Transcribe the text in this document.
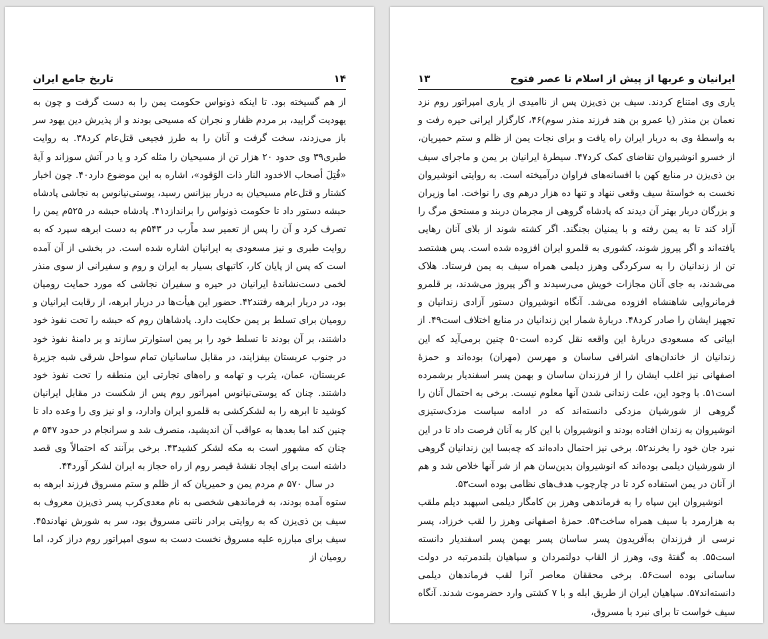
۱۴
تاریخ جامع ایران

از هم گسیخته بود. تا اینکه ذونواس حکومت یمن را به دست گرفت و چون به یهودیت گرایید، بر مردم ظفار و نجران که مسیحی بودند و از پذیرش دین یهود سر باز می‌زدند، سخت گرفت و آنان را به طرز فجیعی قتل‌عام کرد۳۸. به روایت طبری۳۹ وی حدود ۲۰ هزار تن از مسیحیان را مثله کرد و یا در آتش سوزاند و آیهٔ «قُتِلَ أصحاب الاخدود النار ذات الوَقود»، اشاره به این موضوع دارد۴۰. چون اخبار کشتار و قتل‌عام مسیحیان به دربار بیزانس رسید، یوستی‌نیانوس به نجاشی پادشاه حبشه دستور داد تا حکومت ذونواس را براندازد۴۱. پادشاه حبشه در ۵۲۵م یمن را تصرف کرد و آن را پس از تعمیر سد ماًرب در ۵۴۳م به دست ابرهه سپرد که به روایت طبری و نیز مسعودی به ایرانیان اشاره شده است. در بخشی از آن آمده است که پس از پایان کار، کاتبهای بسیار به ایران و روم و سفیرانی از سوی منذر لخمی دست‌نشاندهٔ ایرانیان در حیره و سفیران نجاشی که مورد حمایت رومیان بود، در دربار ابرهه رفتند۴۲. حضور این هیأت‌ها در دربار ابرهه، از رقابت ایرانیان و رومیان برای تسلط بر یمن حکایت دارد. پادشاهان روم که حبشه را تحت نفوذ خود داشتند، بر آن بودند تا تسلط خود را بر یمن استوارتر سازند و بر دامنهٔ نفوذ خود در جنوب عربستان بیفزایند، در مقابل ساسانیان تمام سواحل شرقی شبه جزیرهٔ عربستان، عمان، یثرب و تهامه و راه‌های تجارتی این منطقه را تحت نفوذ خود داشتند. چنان که یوستی‌نیانوس امپراتور روم پس از شکست در مقابل ایرانیان کوشید تا ابرهه را به لشکرکشی به قلمرو ایران وادارد، و او نیز وی را وعده داد تا چنین کند اما بعدها به عواقب آن اندیشید، منصرف شد و سرانجام در حدود ۵۴۷ م چنان که مشهور است به مکه لشکر کشید۴۳. برخی برآنند که احتمالاً وی قصد داشته است برای ایجاد نقشهٔ قیصر روم از راه حجاز به ایران لشکر آورد۴۴.

در سال ۵۷۰ م مردم یمن و حمیریان که از ظلم و ستم مسروق فرزند ابرهه به ستوه آمده بودند، به فرماندهی شخصی به نام معدی‌کرب پسر ذی‌یزن معروف به سیف بن ذی‌یزن که به روایتی برادر ناتنی مسروق بود، سر به شورش نهادند۴۵. سیف برای مبارزه علیه مسروق نخست دست به سوی امپراتور روم دراز کرد، اما رومیان از

ایرانیان و عربها از پیش از اسلام تا عصر فتوح
۱۳

یاری وی امتناع کردند. سیف بن ذی‌یزن پس از ناامیدی از یاری امپراتور روم نزد نعمان بن منذر (یا عمرو بن هند فرزند منذر سوم)۴۶، کارگزار ایرانی حیره رفت و به واسطهٔ وی به دربار ایران راه یافت و برای نجات یمن از ظلم و ستم حمیریان، از خسرو انوشیروان تقاضای کمک کرد۴۷. سیطرهٔ ایرانیان بر یمن و ماجرای سیف بن ذی‌یزن در منابع کهن با افسانه‌های فراوان درآمیخته است. به روایتی انوشیروان نخست به خواستهٔ سیف وقعی ننهاد و تنها ده هزار درهم وی را نواخت. اما وزیران و بزرگان دربار بهتر آن دیدند که پادشاه گروهی از مجرمان دربند و مستحق مرگ را آزاد کند تا به یمن رفته و با یمنیان بجنگند. اگر کشته شوند از بلای آنان رهایی یافته‌اند و اگر پیروز شوند، کشوری به قلمرو ایران افزوده شده است. پس هشتصد تن از زندانیان را به سرکردگی وهرز دیلمی همراه سیف به یمن فرستاد. هلاک می‌شدند، به جای آنان مجازات خویش می‌رسیدند و اگر پیروز می‌شدند، بر قلمرو فرمانروایی شاهنشاه افزوده می‌شد. آنگاه انوشیروان دستور آزادی زندانیان و تجهیز ایشان را صادر کرد۴۸. دربارهٔ شمار این زندانیان در منابع اختلاف است۴۹. از ابیاتی که مسعودی دربارهٔ این واقعه نقل کرده است۵۰ چنین برمی‌آید که این زندانیان از خاندان‌های اشرافی ساسان و مهرسن (مهران) بوده‌اند و حمزهٔ اصفهانی نیز اغلب ایشان را از فرزندان ساسان و بهمن پسر اسفندیار برشمرده است۵۱. با وجود این، علت زندانی شدن آنها معلوم نیست. برخی به احتمال آنان را گروهی از شورشیان مزدکی دانسته‌اند که در ادامه سیاست مزدک‌ستیزی انوشیروان به زندان افتاده بودند و انوشیروان با این کار به آنان فرصت داد تا در این نبرد جان خود را بخرند۵۲. برخی نیز احتمال داده‌اند که چه‌بسا این زندانیان گروهی از شورشیان دیلمی بوده‌اند که انوشیروان بدین‌سان هم از شر آنها خلاص شد و هم از آنان در یمن استفاده کرد تا در چارچوب هدف‌های نظامی بوده است۵۳.

انوشیروان این سپاه را به فرماندهی وهرز بن کامگار دیلمی اسپهبد دیلم ملقب به هزارمرد با سیف همراه ساخت۵۴. حمزهٔ اصفهانی وهرز را لقب خرزاد، پسر نرسی از فرزندان به‌آفریدون پسر ساسان پسر بهمن پسر اسفندیار دانسته است۵۵. به گفتهٔ وی، وهرز از القاب دولتمردان و سپاهیان بلندمرتبه در دولت ساسانی بوده است۵۶. برخی محققان معاصر آنرا لقب فرماندهان دیلمی دانسته‌اند۵۷. سپاهیان ایران از طریق ابله و با ۷ کشتی وارد حضرموت شدند. آنگاه سیف خواست تا برای نبرد با مسروق،
